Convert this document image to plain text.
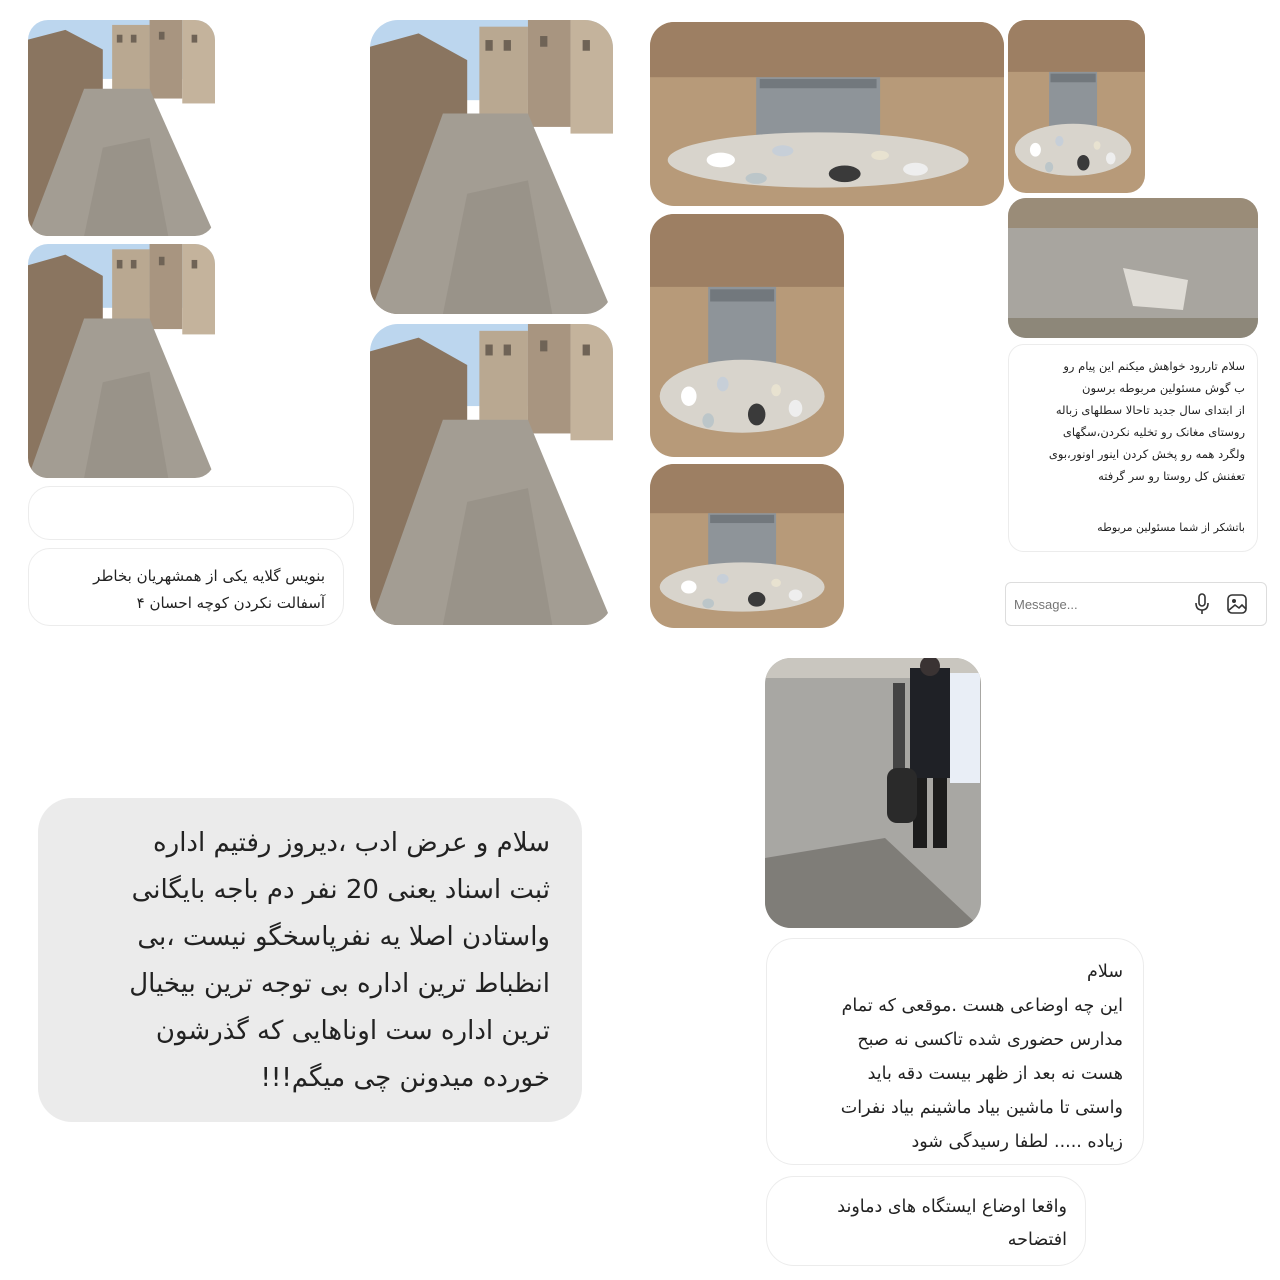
بنویس گلایه یکی از همشهریان بخاطر
آسفالت نکردن کوچه احسان ۴
سلام تاررود خواهش میکنم این پیام رو
ب گوش مسئولین مربوطه برسون
از ابتدای سال جدید تاحالا سطلهای زباله
روستای مغانک رو تخلیه نکردن،سگهای
ولگرد همه رو پخش کردن اینور اونور،بوی
تعفنش کل روستا رو سر گرفته
باتشکر از شما مسئولین مربوطه
Message...
سلام و عرض ادب ،دیروز رفتیم اداره
ثبت اسناد یعنی 20 نفر دم باجه بایگانی
واستادن اصلا یه نفرپاسخگو نیست ،بی
انظباط ترین اداره بی توجه ترین بیخیال
ترین اداره ست اوناهایی که گذرشون
خورده میدونن چی میگم!!!
سلام
این چه اوضاعی هست .موقعی که تمام
مدارس حضوری شده تاکسی نه صبح
هست نه بعد از ظهر بیست دقه باید
واستی تا ماشین بیاد ماشینم بیاد نفرات
زیاده ..... لطفا رسیدگی شود
واقعا اوضاع ایستگاه های دماوند
افتضاحه
